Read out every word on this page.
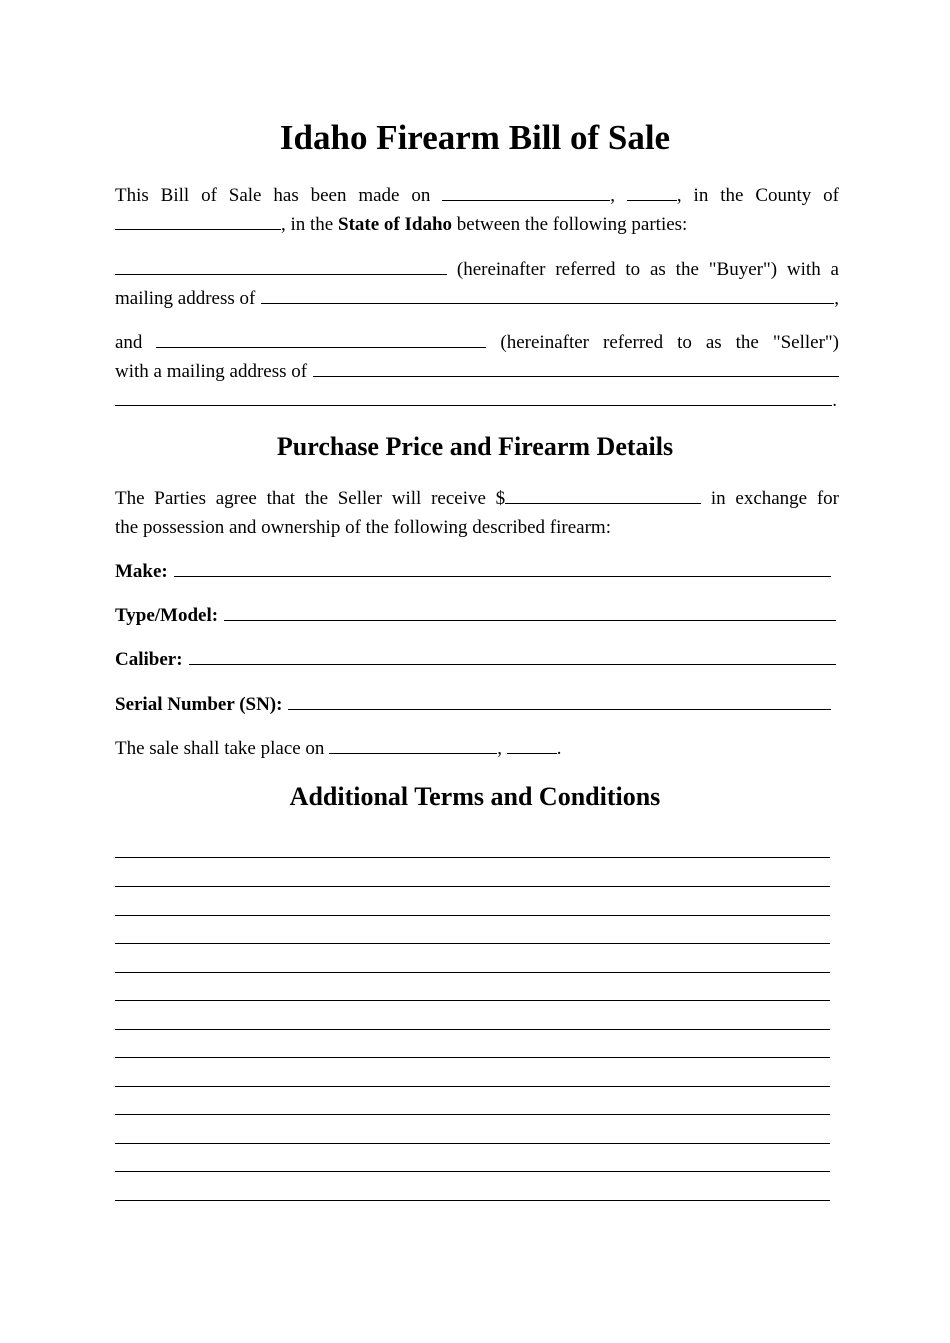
Idaho Firearm Bill of Sale
This Bill of Sale has been made on	,	, in the County of
, in the State of Idaho between the following parties:
(hereinafter referred to as the "Buyer") with a
mailing address of	,
and	(hereinafter referred to as the "Seller")
with a mailing address of
.
Purchase Price and Firearm Details
The Parties agree that the Seller will receive $	in exchange for
the possession and ownership of the following described firearm:
Make:
Type/Model:
Caliber:
Serial Number (SN):
The sale shall take place on	,	.
Additional Terms and Conditions
